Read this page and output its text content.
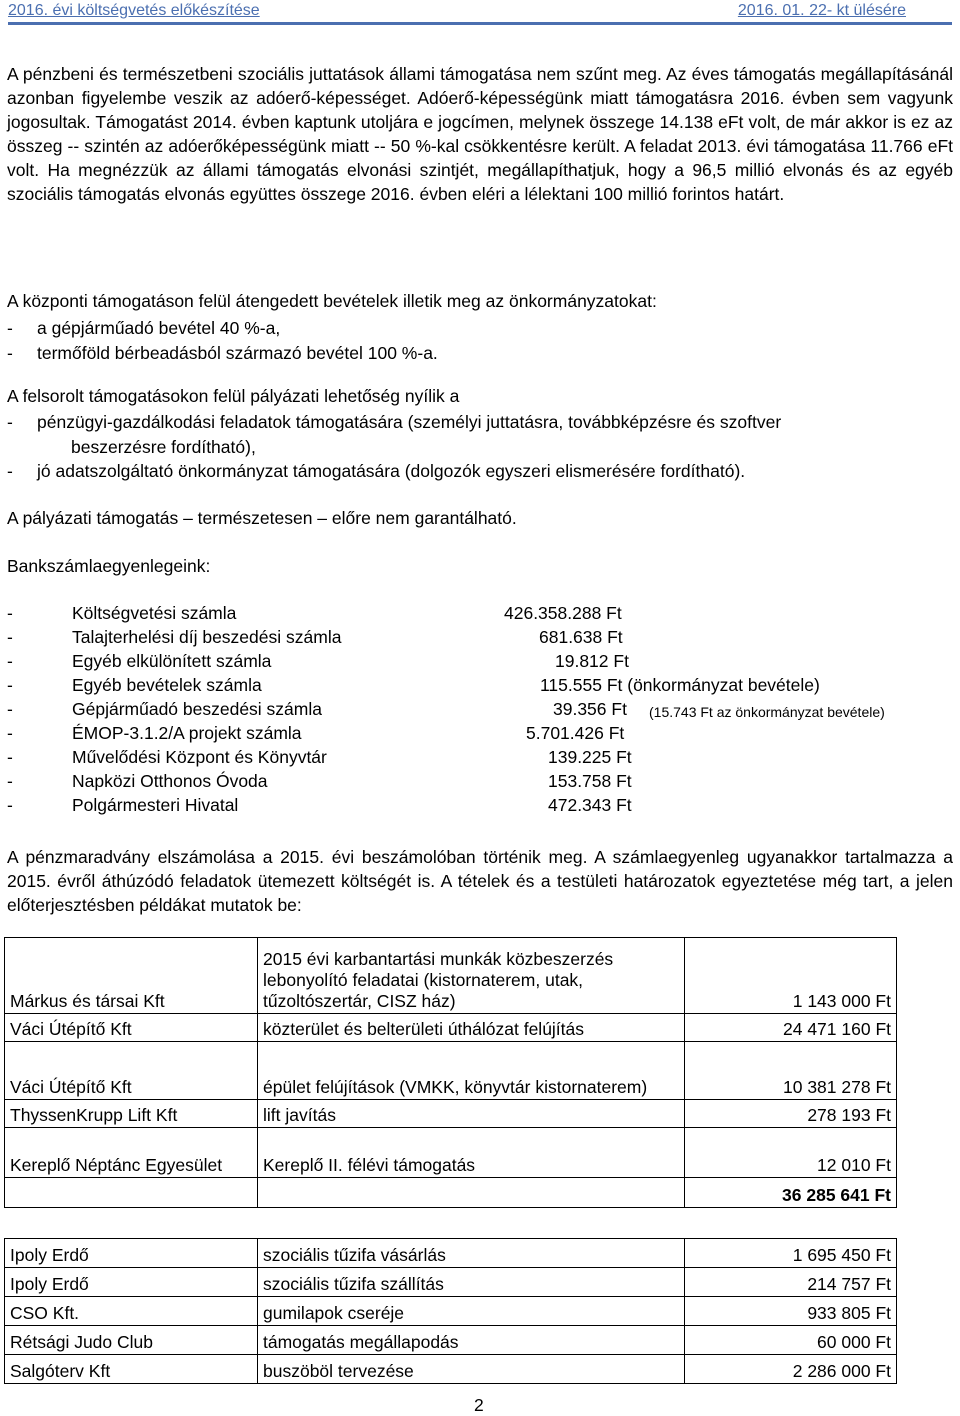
2016. évi költségvetés előkészítése	2016. 01. 22- kt ülésére

A pénzbeni és természetbeni szociális juttatások állami támogatása nem szűnt meg. Az éves támogatás megállapításánál azonban figyelembe veszik az adóerő-képességet. Adóerő-képességünk miatt támogatásra 2016. évben sem vagyunk jogosultak. Támogatást 2014. évben kaptunk utoljára e jogcímen, melynek összege 14.138 eFt volt, de már akkor is ez az összeg -- szintén az adóerőképességünk miatt -- 50 %-kal csökkentésre került. A feladat 2013. évi támogatása 11.766 eFt volt. Ha megnézzük az állami támogatás elvonási szintjét, megállapíthatjuk, hogy a 96,5 millió elvonás és az egyéb szociális támogatás elvonás együttes összege 2016. évben eléri a lélektani 100 millió forintos határt.

A központi támogatáson felül átengedett bevételek illetik meg az önkormányzatokat:
- a gépjárműadó bevétel 40 %-a,
- termőföld bérbeadásból származó bevétel 100 %-a.
A felsorolt támogatásokon felül pályázati lehetőség nyílik a
- pénzügyi-gazdálkodási feladatok támogatására (személyi juttatásra, továbbképzésre és szoftver
beszerzésre fordítható),
- jó adatszolgáltató önkormányzat támogatására (dolgozók egyszeri elismerésére fordítható).
A pályázati támogatás – természetesen – előre nem garantálható.
Bankszámlaegyenlegeink:
-	Költségvetési számla	426.358.288 Ft
-	Talajterhelési díj beszedési számla	681.638 Ft
-	Egyéb elkülönített számla	19.812 Ft
-	Egyéb bevételek számla	115.555 Ft (önkormányzat bevétele)
-	Gépjárműadó beszedési számla	39.356 Ft (15.743 Ft az önkormányzat bevétele)
-	ÉMOP-3.1.2/A projekt számla	5.701.426 Ft
-	Művelődési Központ és Könyvtár	139.225 Ft
-	Napközi Otthonos Óvoda	153.758 Ft
-	Polgármesteri Hivatal	472.343 Ft

A pénzmaradvány elszámolása a 2015. évi beszámolóban történik meg. A számlaegyenleg ugyanakkor tartalmazza a 2015. évről áthúzódó feladatok ütemezett költségét is. A tételek és a testületi határozatok egyeztetése még tart, a jelen előterjesztésben példákat mutatok be:

Márkus és társai Kft	2015 évi karbantartási munkák közbeszerzés lebonyolító feladatai (kistornaterem, utak, tűzoltószertár, CISZ ház)	1 143 000 Ft
Váci Útépítő Kft	közterület és belterületi úthálózat felújítás	24 471 160 Ft
Váci Útépítő Kft	épület felújítások (VMKK, könyvtár kistornaterem)	10 381 278 Ft
ThyssenKrupp Lift Kft	lift javítás	278 193 Ft
Kereplő Néptánc Egyesület	Kereplő II. félévi támogatás	12 010 Ft
		36 285 641 Ft
Ipoly Erdő	szociális tűzifa vásárlás	1 695 450 Ft
Ipoly Erdő	szociális tűzifa szállítás	214 757 Ft
CSO Kft.	gumilapok cseréje	933 805 Ft
Rétsági Judo Club	támogatás megállapodás	60 000 Ft
Salgóterv Kft	buszöböl tervezése	2 286 000 Ft
2
